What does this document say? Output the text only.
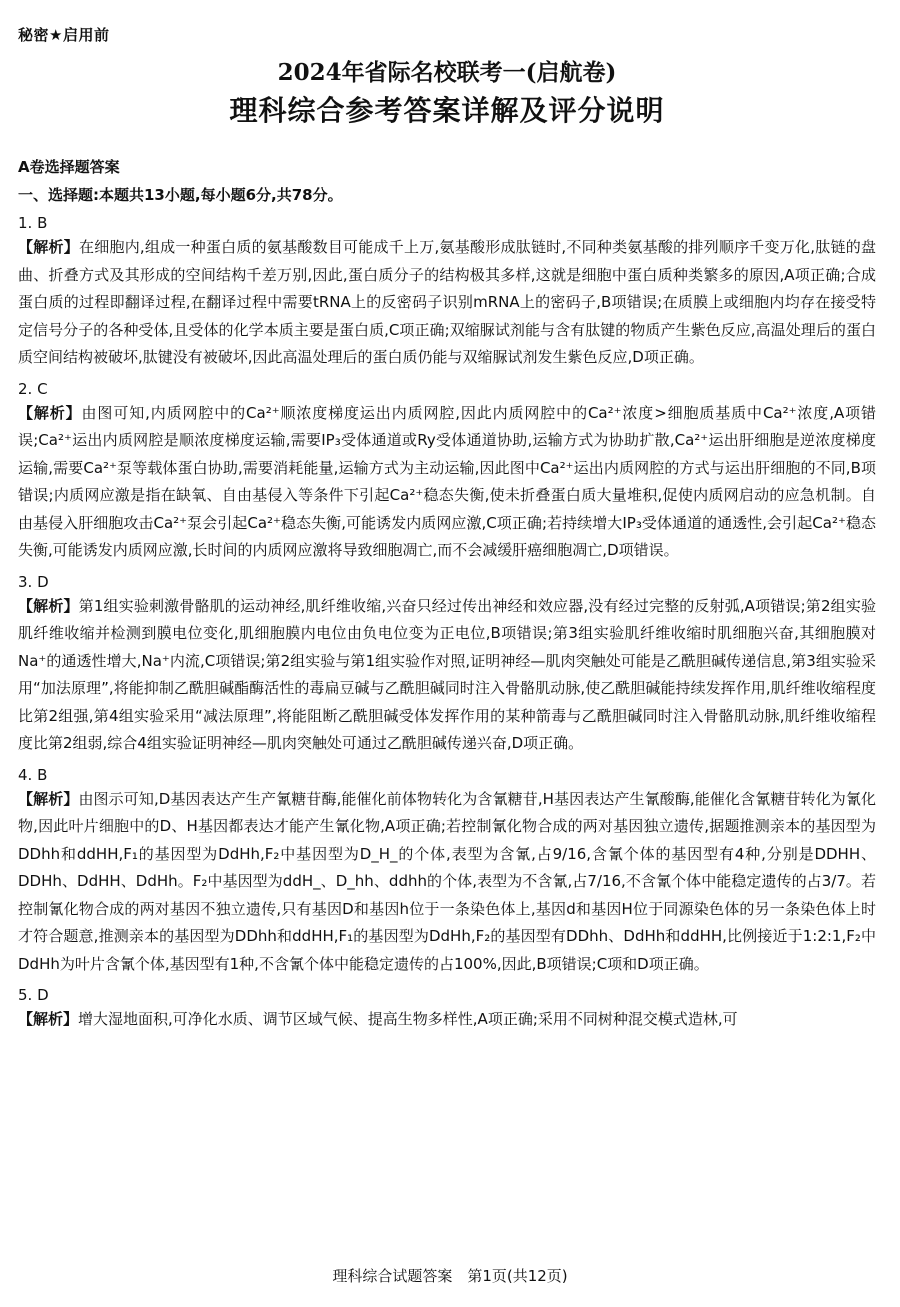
秘密★启用前
2024年省际名校联考一(启航卷)
理科综合参考答案详解及评分说明
A卷选择题答案
一、选择题:本题共13小题,每小题6分,共78分。
1. B

【解析】在细胞内,组成一种蛋白质的氨基酸数目可能成千上万,氨基酸形成肽链时,不同种类氨基酸的排列顺序千变万化,肽链的盘曲、折叠方式及其形成的空间结构千差万别,因此,蛋白质分子的结构极其多样,这就是细胞中蛋白质种类繁多的原因,A项正确;合成蛋白质的过程即翻译过程,在翻译过程中需要tRNA上的反密码子识别mRNA上的密码子,B项错误;在质膜上或细胞内均存在接受特定信号分子的各种受体,且受体的化学本质主要是蛋白质,C项正确;双缩脲试剂能与含有肽键的物质产生紫色反应,高温处理后的蛋白质空间结构被破坏,肽键没有被破坏,因此高温处理后的蛋白质仍能与双缩脲试剂发生紫色反应,D项正确。

2. C

【解析】由图可知,内质网腔中的Ca²⁺顺浓度梯度运出内质网腔,因此内质网腔中的Ca²⁺浓度>细胞质基质中Ca²⁺浓度,A项错误;Ca²⁺运出内质网腔是顺浓度梯度运输,需要IP₃受体通道或Ry受体通道协助,运输方式为协助扩散,Ca²⁺运出肝细胞是逆浓度梯度运输,需要Ca²⁺泵等载体蛋白协助,需要消耗能量,运输方式为主动运输,因此图中Ca²⁺运出内质网腔的方式与运出肝细胞的不同,B项错误;内质网应激是指在缺氧、自由基侵入等条件下引起Ca²⁺稳态失衡,使未折叠蛋白质大量堆积,促使内质网启动的应急机制。自由基侵入肝细胞攻击Ca²⁺泵会引起Ca²⁺稳态失衡,可能诱发内质网应激,C项正确;若持续增大IP₃受体通道的通透性,会引起Ca²⁺稳态失衡,可能诱发内质网应激,长时间的内质网应激将导致细胞凋亡,而不会减缓肝癌细胞凋亡,D项错误。

3. D

【解析】第1组实验刺激骨骼肌的运动神经,肌纤维收缩,兴奋只经过传出神经和效应器,没有经过完整的反射弧,A项错误;第2组实验肌纤维收缩并检测到膜电位变化,肌细胞膜内电位由负电位变为正电位,B项错误;第3组实验肌纤维收缩时肌细胞兴奋,其细胞膜对Na⁺的通透性增大,Na⁺内流,C项错误;第2组实验与第1组实验作对照,证明神经—肌肉突触处可能是乙酰胆碱传递信息,第3组实验采用“加法原理”,将能抑制乙酰胆碱酯酶活性的毒扁豆碱与乙酰胆碱同时注入骨骼肌动脉,使乙酰胆碱能持续发挥作用,肌纤维收缩程度比第2组强,第4组实验采用“减法原理”,将能阻断乙酰胆碱受体发挥作用的某种箭毒与乙酰胆碱同时注入骨骼肌动脉,肌纤维收缩程度比第2组弱,综合4组实验证明神经—肌肉突触处可通过乙酰胆碱传递兴奋,D项正确。

4. B

【解析】由图示可知,D基因表达产生产氰糖苷酶,能催化前体物转化为含氰糖苷,H基因表达产生氰酸酶,能催化含氰糖苷转化为氰化物,因此叶片细胞中的D、H基因都表达才能产生氰化物,A项正确;若控制氰化物合成的两对基因独立遗传,据题推测亲本的基因型为DDhh和ddHH,F₁的基因型为DdHh,F₂中基因型为D_H_的个体,表型为含氰,占9/16,含氰个体的基因型有4种,分别是DDHH、DDHh、DdHH、DdHh。F₂中基因型为ddH_、D_hh、ddhh的个体,表型为不含氰,占7/16,不含氰个体中能稳定遗传的占3/7。若控制氰化物合成的两对基因不独立遗传,只有基因D和基因h位于一条染色体上,基因d和基因H位于同源染色体的另一条染色体上时才符合题意,推测亲本的基因型为DDhh和ddHH,F₁的基因型为DdHh,F₂的基因型有DDhh、DdHh和ddHH,比例接近于1:2:1,F₂中DdHh为叶片含氰个体,基因型有1种,不含氰个体中能稳定遗传的占100%,因此,B项错误;C项和D项正确。

5. D

【解析】增大湿地面积,可净化水质、调节区域气候、提高生物多样性,A项正确;采用不同树种混交模式造林,可

理科综合试题答案　第1页(共12页)
